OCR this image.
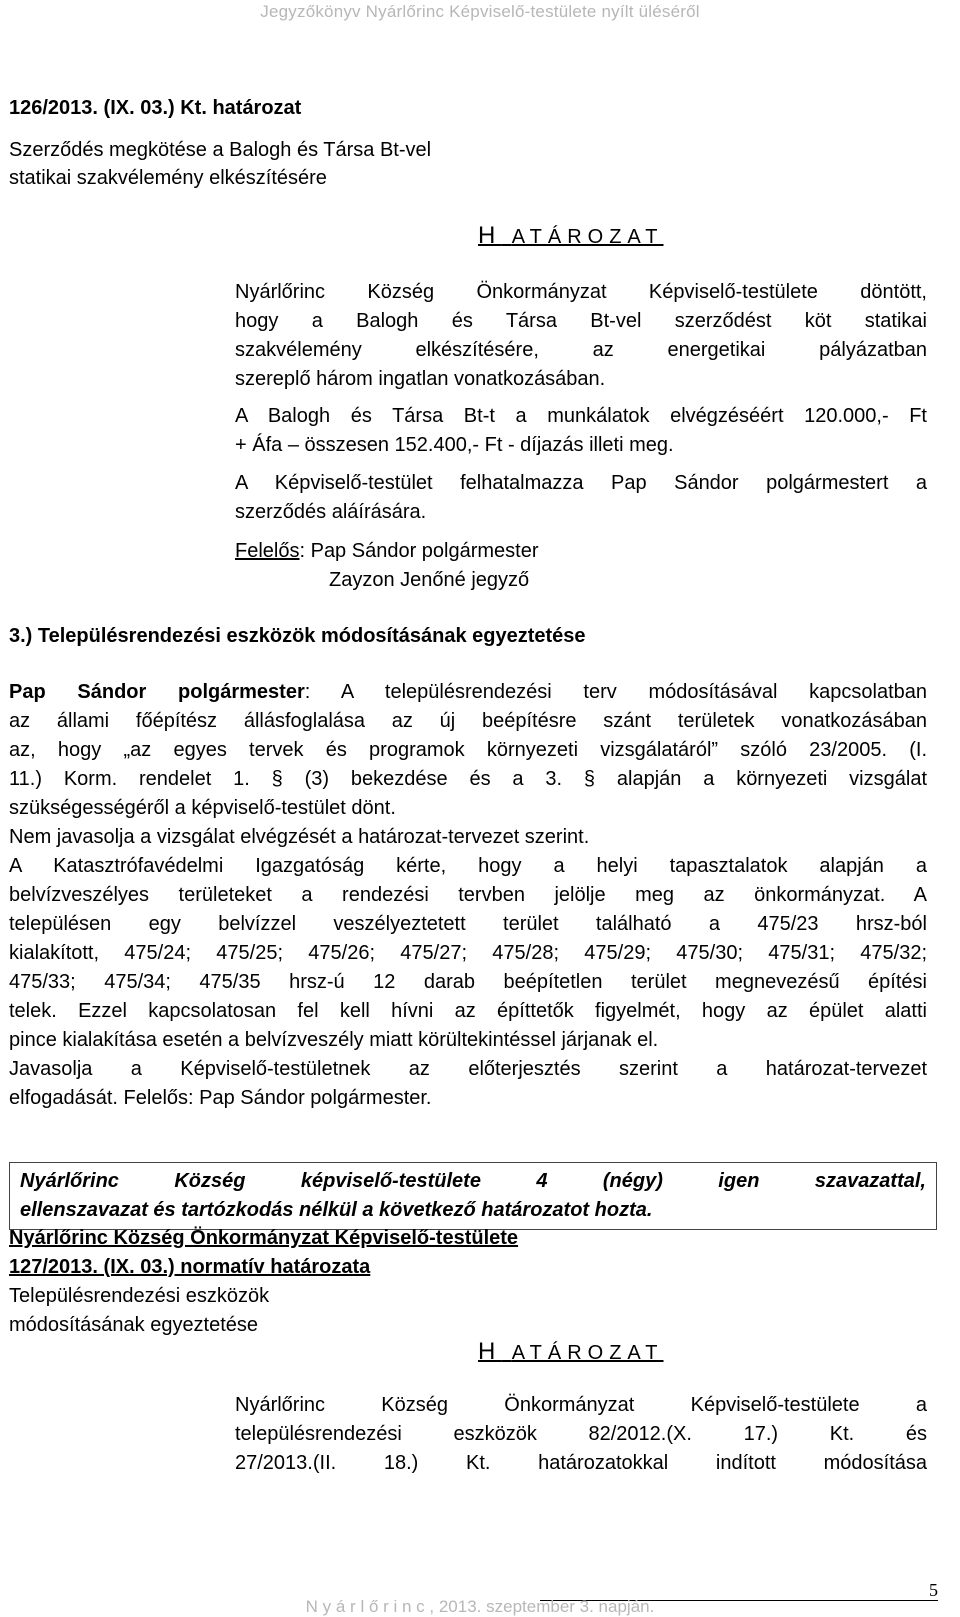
Jegyzőkönyv Nyárlőrinc Képviselő-testülete nyílt üléséről
126/2013. (IX. 03.) Kt. határozat
Szerződés megkötése a Balogh és Társa Bt-vel
statikai szakvélemény elkészítésére
H ATÁROZAT
Nyárlőrinc Község Önkormányzat Képviselő-testülete döntött,
hogy a Balogh és Társa Bt-vel szerződést köt statikai
szakvélemény elkészítésére, az energetikai pályázatban
szereplő három ingatlan vonatkozásában.
A Balogh és Társa Bt-t a munkálatok elvégzéséért 120.000,- Ft
+ Áfa – összesen 152.400,- Ft - díjazás illeti meg.
A Képviselő-testület felhatalmazza Pap Sándor polgármestert a
szerződés aláírására.
Felelős: Pap Sándor polgármester
Zayzon Jenőné jegyző
3.) Településrendezési eszközök módosításának egyeztetése
Pap Sándor polgármester: A településrendezési terv módosításával kapcsolatban
az állami főépítész állásfoglalása az új beépítésre szánt területek vonatkozásában
az, hogy „az egyes tervek és programok környezeti vizsgálatáról” szóló 23/2005. (I.
11.) Korm. rendelet 1. § (3) bekezdése és a 3. § alapján a környezeti vizsgálat
szükségességéről a képviselő-testület dönt.
Nem javasolja a vizsgálat elvégzését a határozat-tervezet szerint.
A Katasztrófavédelmi Igazgatóság kérte, hogy a helyi tapasztalatok alapján a
belvízveszélyes területeket a rendezési tervben jelölje meg az önkormányzat. A
településen egy belvízzel veszélyeztetett terület található a 475/23 hrsz-ból
kialakított, 475/24; 475/25; 475/26; 475/27; 475/28; 475/29; 475/30; 475/31; 475/32;
475/33; 475/34; 475/35 hrsz-ú 12 darab beépítetlen terület megnevezésű építési
telek. Ezzel kapcsolatosan fel kell hívni az építtetők figyelmét, hogy az épület alatti
pince kialakítása esetén a belvízveszély miatt körültekintéssel járjanak el.
Javasolja a Képviselő-testületnek az előterjesztés szerint a határozat-tervezet
elfogadását. Felelős: Pap Sándor polgármester.

Nyárlőrinc Község képviselő-testülete 4 (négy) igen szavazattal,

ellenszavazat és tartózkodás nélkül a következő határozatot hozta.

Nyárlőrinc Község Önkormányzat Képviselő-testülete
127/2013. (IX. 03.) normatív határozata
Településrendezési eszközök
módosításának egyeztetése
H ATÁROZAT
Nyárlőrinc Község Önkormányzat Képviselő-testülete a
településrendezési eszközök 82/2012.(X. 17.) Kt. és
27/2013.(II. 18.) Kt. határozatokkal indított módosítása
5
N y á r l ő r i n c , 2013. szeptember 3. napján.
